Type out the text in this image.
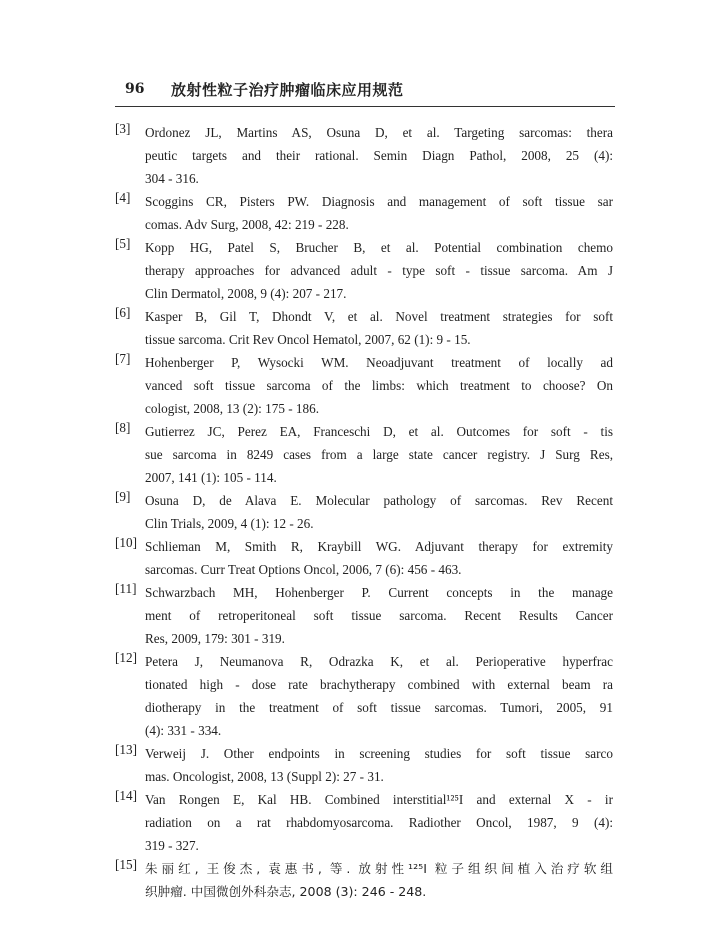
96 放射性粒子治疗肿瘤临床应用规范
[3]	Ordonez JL, Martins AS, Osuna D, et al. Targeting sarcomas: thera
peutic targets and their rational. Semin Diagn Pathol, 2008, 25 (4):
304 - 316.
[4]	Scoggins CR, Pisters PW. Diagnosis and management of soft tissue sar
comas. Adv Surg, 2008, 42: 219 - 228.
[5]	Kopp HG, Patel S, Brucher B, et al. Potential combination chemo
therapy approaches for advanced adult - type soft - tissue sarcoma. Am J
Clin Dermatol, 2008, 9 (4): 207 - 217.
[6]	Kasper B, Gil T, Dhondt V, et al. Novel treatment strategies for soft
tissue sarcoma. Crit Rev Oncol Hematol, 2007, 62 (1): 9 - 15.
[7]	Hohenberger P, Wysocki WM. Neoadjuvant treatment of locally ad
vanced soft tissue sarcoma of the limbs: which treatment to choose? On
cologist, 2008, 13 (2): 175 - 186.
[8]	Gutierrez JC, Perez EA, Franceschi D, et al. Outcomes for soft - tis
sue sarcoma in 8249 cases from a large state cancer registry. J Surg Res,
2007, 141 (1): 105 - 114.
[9]	Osuna D, de Alava E. Molecular pathology of sarcomas. Rev Recent
Clin Trials, 2009, 4 (1): 12 - 26.
[10] Schlieman M, Smith R, Kraybill WG. Adjuvant therapy for extremity
sarcomas. Curr Treat Options Oncol, 2006, 7 (6): 456 - 463.
[11] Schwarzbach MH, Hohenberger P. Current concepts in the manage
ment of retroperitoneal soft tissue sarcoma. Recent Results Cancer
Res, 2009, 179: 301 - 319.
[12] Petera J, Neumanova R, Odrazka K, et al. Perioperative hyperfrac
tionated high - dose rate brachytherapy combined with external beam ra
diotherapy in the treatment of soft tissue sarcomas. Tumori, 2005, 91
(4): 331 - 334.
[13] Verweij J. Other endpoints in screening studies for soft tissue sarco
mas. Oncologist, 2008, 13 (Suppl 2): 27 - 31.
[14] Van Rongen E, Kal HB. Combined interstitial¹²⁵I and external X - ir
radiation on a rat rhabdomyosarcoma. Radiother Oncol, 1987, 9 (4):
319 - 327.
[15] 朱丽红, 王俊杰, 袁惠书, 等. 放射性¹²⁵I 粒子组织间植入治疗软组
织肿瘤. 中国微创外科杂志, 2008 (3): 246 - 248.
